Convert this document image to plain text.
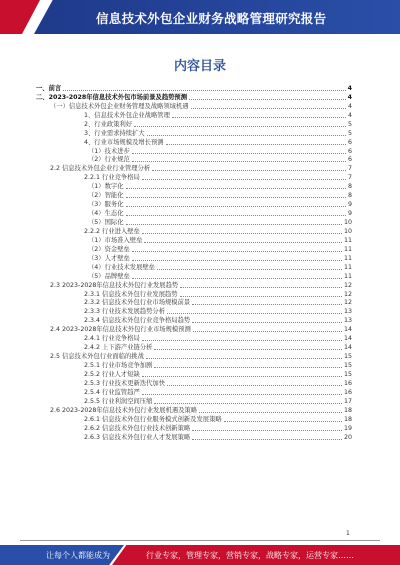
信息技术外包企业财务战略管理研究报告
内容目录
一、前言	4
二、2023-2028年信息技术外包市场前景及趋势预测	4
（一）信息技术外包企业财务管理及战略领域机遇	4
1、信息技术外包企业战略管理	4
2、行业政策利好	5
3、行业需求持续扩大	5
4、行业市场规模及增长预测	6
（1）技术进步	6
（2）行业规范	6
2.2 信息技术外包企业行业管理分析	7
2.2.1 行业竞争格局	7
（1）数字化	8
（2）智能化	8
（3）服务化	9
（4）生态化	9
（5）国际化	10
2.2.2 行业进入壁垒	10
（1）市场准入壁垒	11
（2）资金壁垒	11
（3）人才壁垒	11
（4）行业技术发展壁垒	11
（5）品牌壁垒	11
2.3 2023-2028年信息技术外包行业发展趋势	12
2.3.1 信息技术外包行业发展趋势	12
2.3.2 信息技术外包行业市场规模前景	12
2.3.3 行业技术发展趋势分析	13
2.3.4 信息技术外包行业竞争格局趋势	13
2.4 2023-2028年信息技术外包行业市场规模预测	14
2.4.1 行业竞争格局	14
2.4.2 上下游产业链分析	14
2.5 信息技术外包行业面临的挑战	15
2.5.1 行业市场竞争加剧	15
2.5.2 行业人才短缺	15
2.5.3 行业技术更新迭代加快	16
2.5.4 行业监管趋严	16
2.5.5 行业利润空间压缩	17
2.6 2023-2028年信息技术外包行业发展机遇及策略	18
2.6.1 信息技术外包行业服务模式创新及发展策略	18
2.6.2 信息技术外包行业技术创新策略	19
2.6.3 信息技术外包行业人才发展策略	20
1
让每个人都能成为	行业专家，管理专家，营销专家，战略专家，运营专家……
